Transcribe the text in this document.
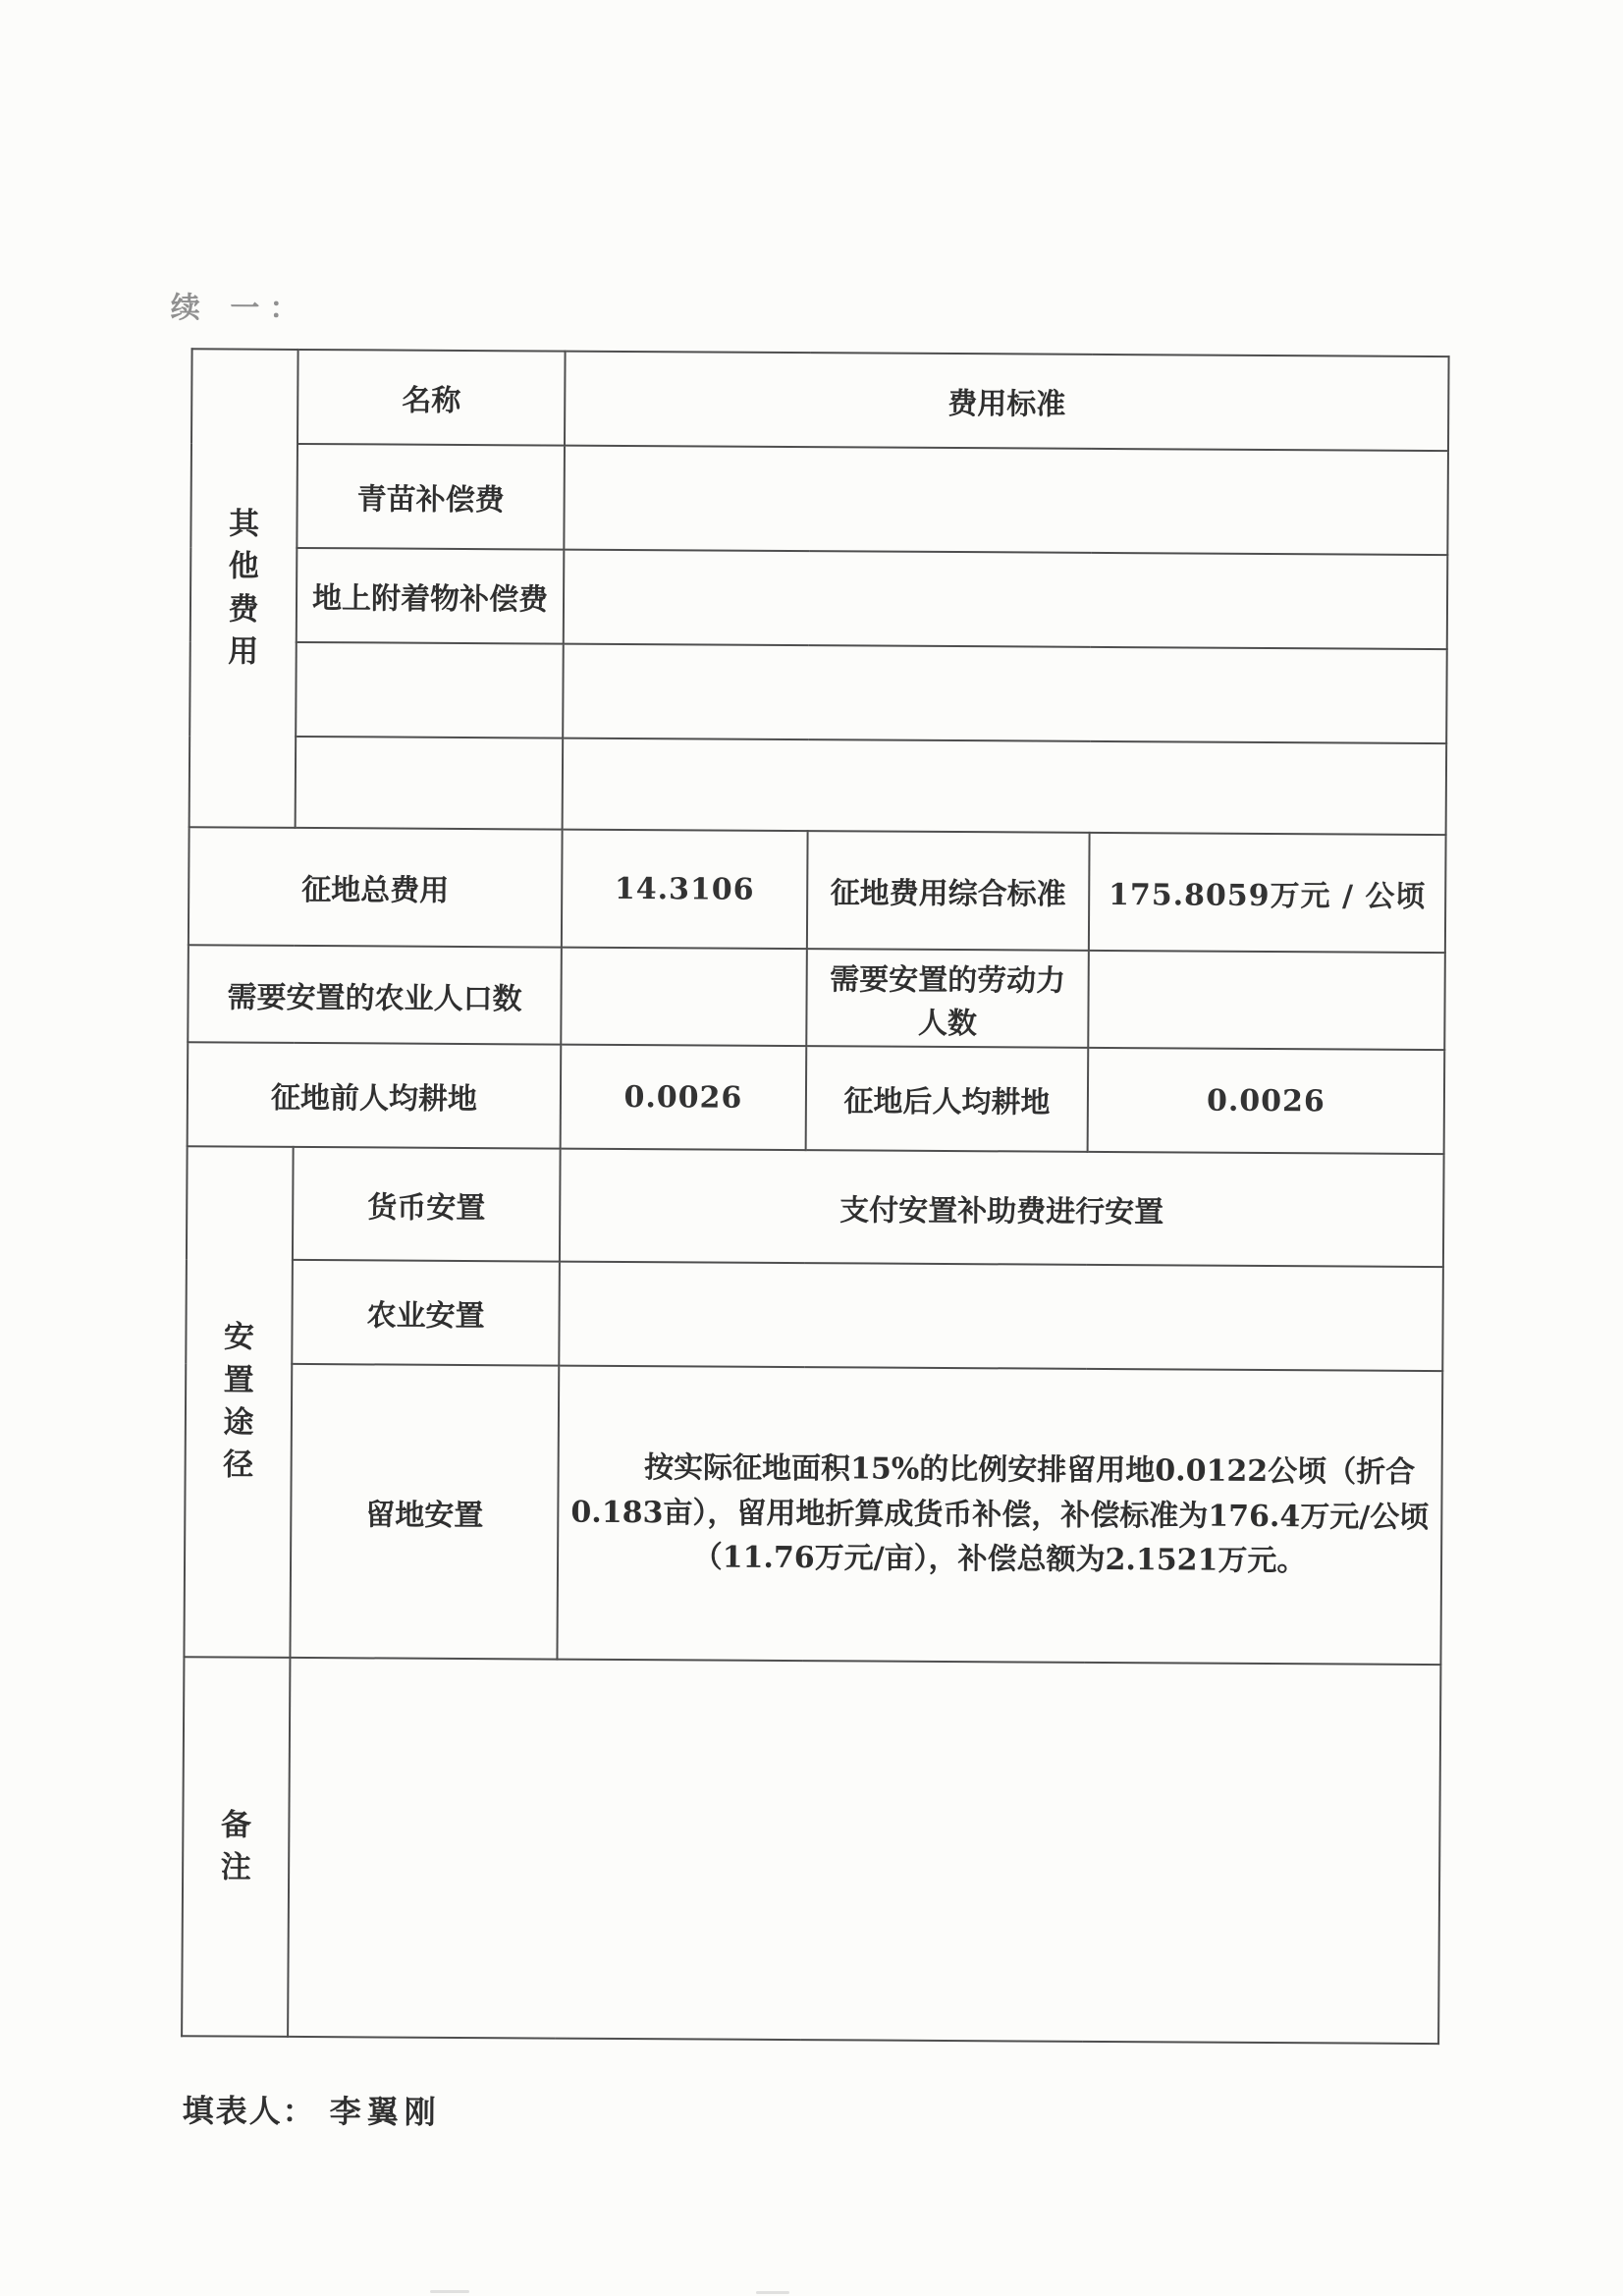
续 一：
其他费用	名称	费用标准		
	青苗补偿费			
	地上附着物补偿费			

征地总费用		14.3106	征地费用综合标准	175.8059万元 / 公顷
需要安置的农业人口数			需要安置的劳动力人数	
征地前人均耕地		0.0026	征地后人均耕地	0.0026

安置途径	货币安置	支付安置补助费进行安置		
	农业安置			
	留地安置	按实际征地面积15%的比例安排留用地0.0122公顷（折合0.183亩），留用地折算成货币补偿，补偿标准为176.4万元/公顷（11.76万元/亩），补偿总额为2.1521万元。		

备注				

填表人： 李翼刚
